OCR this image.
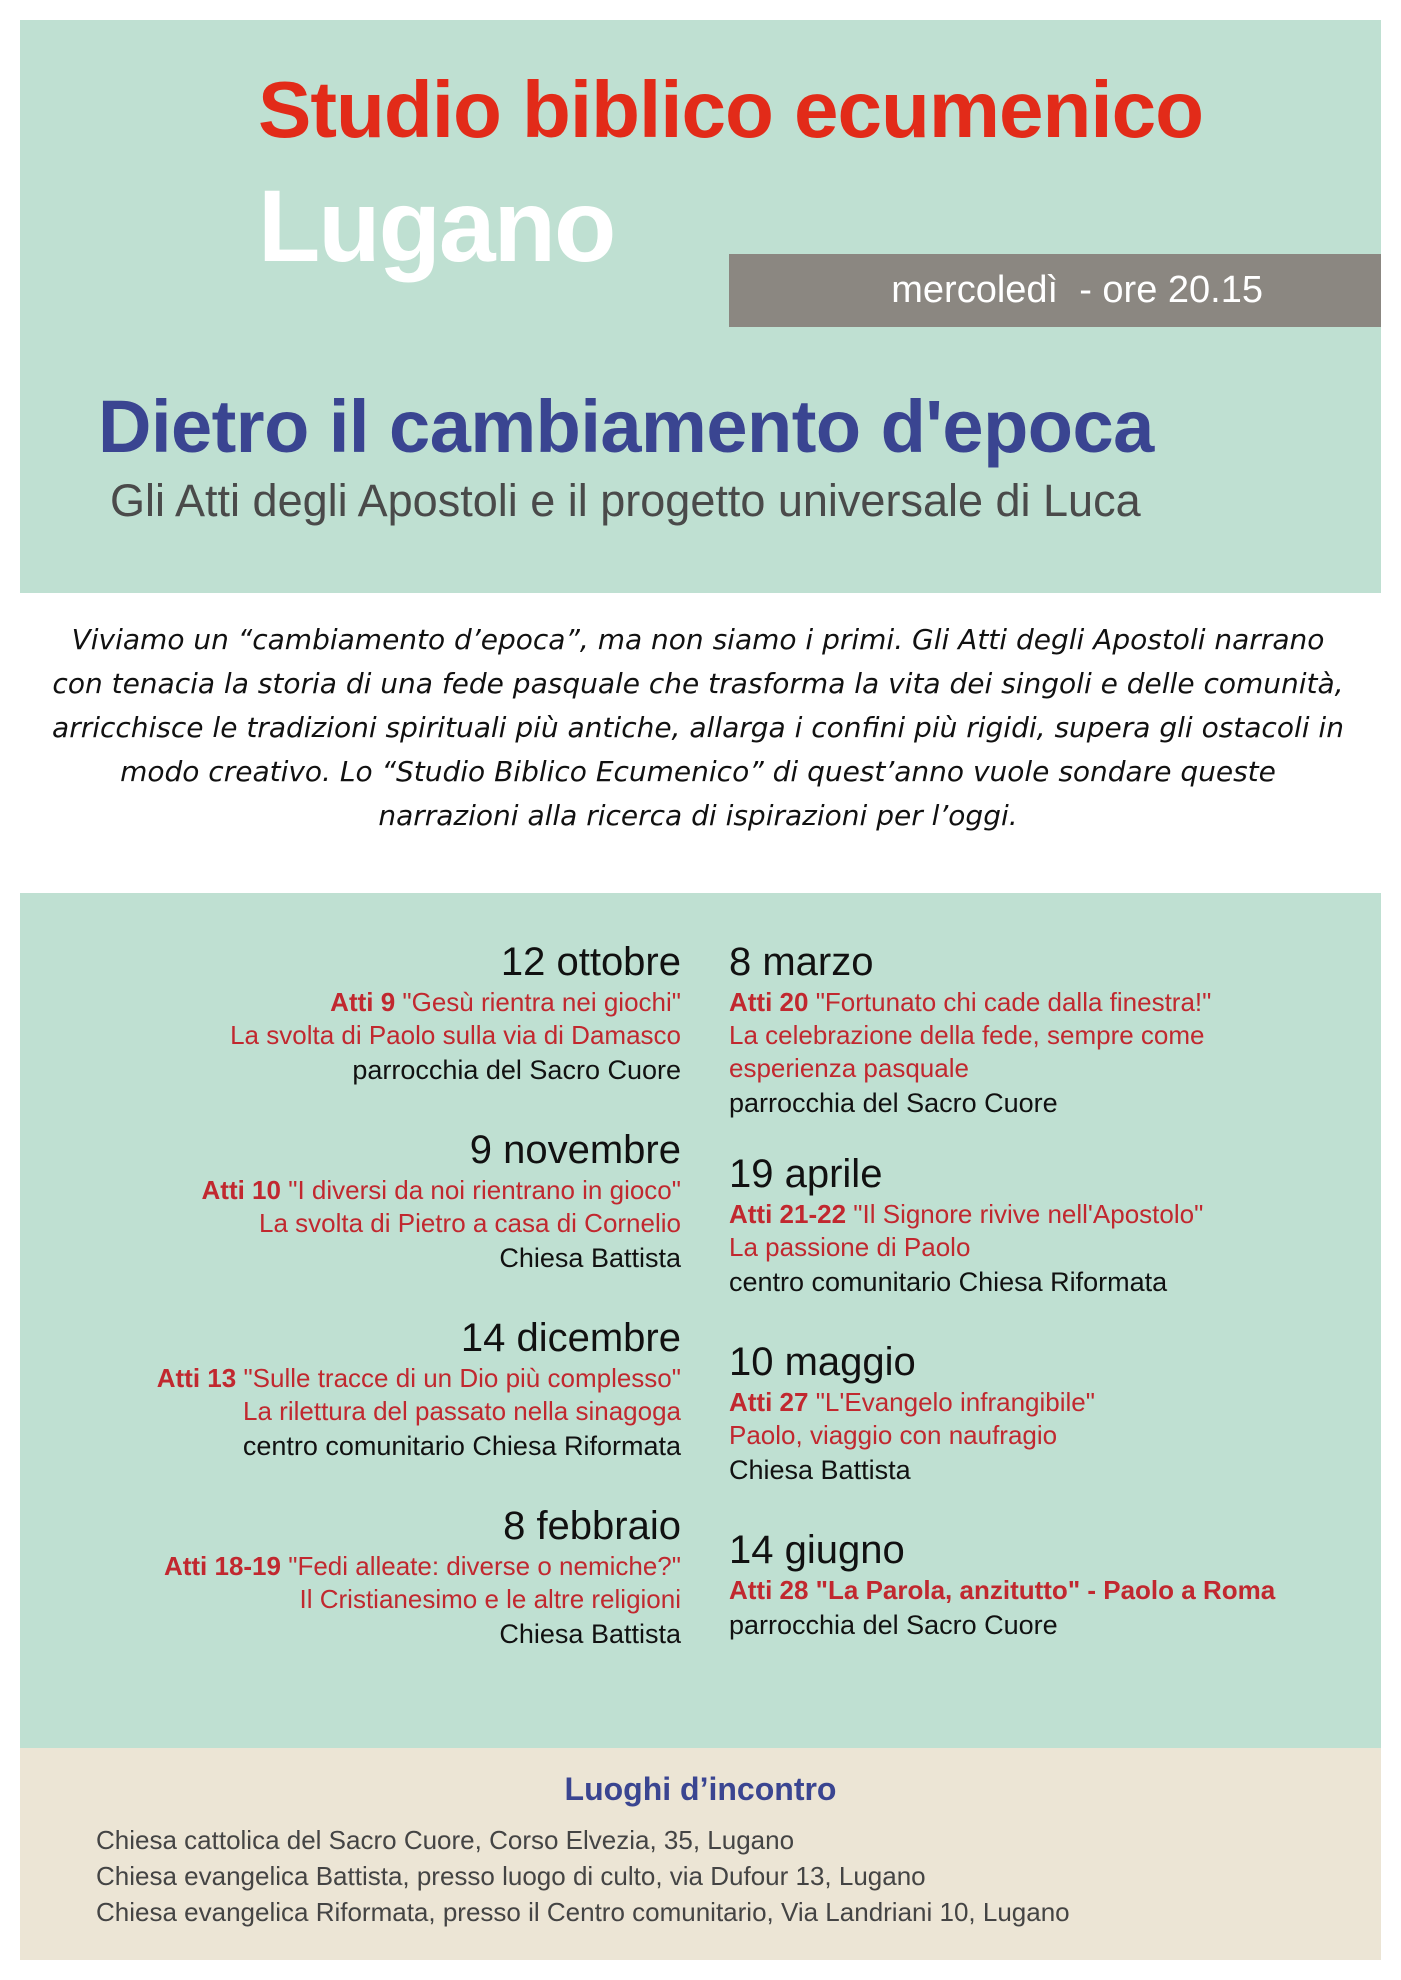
Studio biblico ecumenico
Lugano
mercoledì  - ore 20.15
Dietro il cambiamento d'epoca
Gli Atti degli Apostoli e il progetto universale di Luca
Viviamo un “cambiamento d’epoca”, ma non siamo i primi. Gli Atti degli Apostoli narrano con tenacia la storia di una fede pasquale che trasforma la vita dei singoli e delle comunità, arricchisce le tradizioni spirituali più antiche, allarga i confini più rigidi, supera gli ostacoli in modo creativo. Lo “Studio Biblico Ecumenico” di quest’anno vuole sondare queste narrazioni alla ricerca di ispirazioni per l’oggi.
12 ottobre
Atti 9 "Gesù rientra nei giochi"
La svolta di Paolo sulla via di Damasco
parrocchia del Sacro Cuore
9 novembre
Atti 10 "I diversi da noi rientrano in gioco"
La svolta di Pietro a casa di Cornelio
Chiesa Battista
14 dicembre
Atti 13 "Sulle tracce di un Dio più complesso"
La rilettura del passato nella sinagoga
centro comunitario Chiesa Riformata
8 febbraio
Atti 18-19 "Fedi alleate: diverse o nemiche?"
Il Cristianesimo e le altre religioni
Chiesa Battista
8 marzo
Atti 20 "Fortunato chi cade dalla finestra!"
La celebrazione della fede, sempre come
esperienza pasquale
parrocchia del Sacro Cuore
19 aprile
Atti 21-22 "Il Signore rivive nell'Apostolo"
La passione di Paolo
centro comunitario Chiesa Riformata
10 maggio
Atti 27 "L'Evangelo infrangibile"
Paolo, viaggio con naufragio
Chiesa Battista
14 giugno
Atti 28 "La Parola, anzitutto" - Paolo a Roma
parrocchia del Sacro Cuore
Luoghi d’incontro
Chiesa cattolica del Sacro Cuore, Corso Elvezia, 35, Lugano
Chiesa evangelica Battista, presso luogo di culto, via Dufour 13, Lugano
Chiesa evangelica Riformata, presso il Centro comunitario, Via Landriani 10, Lugano
